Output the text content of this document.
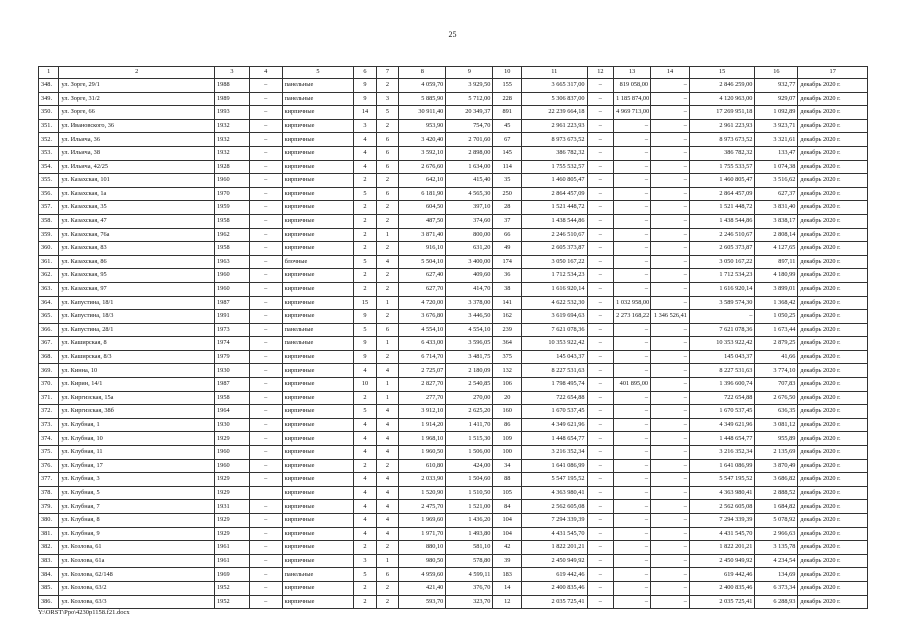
25
1	2	3	4	5	6	7	8	9	10	11	12	13	14	15	16	17
348.	ул. Зорге, 29/1	1988	–	панельные	9	2	4 059,70	3 929,50	155	3 665 317,00	–	819 058,00	–	2 846 259,00	932,77	декабрь 2020 г.
349.	ул. Зорге, 31/2	1989	–	панельные	9	3	5 885,90	5 712,00	228	5 306 837,00	–	1 185 874,00	–	4 120 963,00	929,07	декабрь 2020 г.
350.	ул. Зорге, 66	1993	–	кирпичные	14	5	30 911,40	20 349,37	891	22 239 664,18	–	4 969 713,00	–	17 269 951,18	1 092,89	декабрь 2020 г.
351.	ул. Ивановского, 36	1932	–	кирпичные	3	2	953,90	754,70	45	2 961 223,93	–	–	–	2 961 223,93	3 923,71	декабрь 2020 г.
352.	ул. Ильича, 36	1932	–	кирпичные	4	6	3 420,40	2 701,60	67	8 973 673,52	–	–	–	8 973 673,52	3 321,61	декабрь 2020 г.
353.	ул. Ильича, 38	1932	–	кирпичные	4	6	3 592,10	2 898,00	145	386 782,32	–	–	–	386 782,32	133,47	декабрь 2020 г.
354.	ул. Ильича, 42/25	1928	–	кирпичные	4	6	2 676,60	1 634,00	114	1 755 532,57	–	–	–	1 755 533,57	1 074,38	декабрь 2020 г.
355.	ул. Казахская, 101	1960	–	кирпичные	2	2	642,10	415,40	35	1 460 805,47	–	–	–	1 460 805,47	3 516,62	декабрь 2020 г.
356.	ул. Казахская, 1а	1970	–	кирпичные	5	6	6 181,90	4 565,30	250	2 864 457,09	–	–	–	2 864 457,09	627,37	декабрь 2020 г.
357.	ул. Казахская, 35	1959	–	кирпичные	2	2	604,50	397,10	28	1 521 448,72	–	–	–	1 521 448,72	3 831,40	декабрь 2020 г.
358.	ул. Казахская, 47	1958	–	кирпичные	2	2	487,50	374,60	37	1 438 544,86	–	–	–	1 438 544,86	3 838,17	декабрь 2020 г.
359.	ул. Казахская, 76а	1962	–	кирпичные	2	1	3 871,40	800,00	66	2 246 510,67	–	–	–	2 246 510,67	2 808,14	декабрь 2020 г.
360.	ул. Казахская, 83	1958	–	кирпичные	2	2	916,10	631,20	49	2 605 373,87	–	–	–	2 605 373,87	4 127,65	декабрь 2020 г.
361.	ул. Казахская, 86	1963	–	блочные	5	4	5 504,10	3 400,00	174	3 050 167,22	–	–	–	3 050 167,22	897,11	декабрь 2020 г.
362.	ул. Казахская, 95	1960	–	кирпичные	2	2	627,40	409,60	36	1 712 534,23	–	–	–	1 712 534,23	4 180,99	декабрь 2020 г.
363.	ул. Казахская, 97	1960	–	кирпичные	2	2	627,70	414,70	38	1 616 920,14	–	–	–	1 616 920,14	3 899,01	декабрь 2020 г.
364.	ул. Капустина, 18/1	1987	–	кирпичные	15	1	4 720,00	3 378,00	141	4 622 532,30	–	1 032 958,00	–	3 589 574,30	1 368,42	декабрь 2020 г.
365.	ул. Капустина, 18/3	1991	–	кирпичные	9	2	3 676,80	3 446,50	162	3 619 694,63	–	2 273 168,22	1 346 526,41	–	1 050,25	декабрь 2020 г.
366.	ул. Капустина, 28/1	1973	–	панельные	5	6	4 554,10	4 554,10	239	7 621 078,36	–	–	–	7 621 078,36	1 673,44	декабрь 2020 г.
367.	ул. Каширская, 8	1974	–	панельные	9	1	6 433,00	3 596,05	364	10 353 922,42	–	–	–	10 353 922,42	2 879,25	декабрь 2020 г.
368.	ул. Каширская, 8/3	1979	–	кирпичные	9	2	6 714,70	3 481,75	375	145 043,37	–	–	–	145 043,37	41,66	декабрь 2020 г.
369.	ул. Кинна, 10	1930	–	кирпичные	4	4	2 725,07	2 180,09	132	8 227 531,63	–	–	–	8 227 531,63	3 774,10	декабрь 2020 г.
370.	ул. Кирин, 14/1	1987	–	кирпичные	10	1	2 827,70	2 540,85	106	1 798 495,74	–	401 895,00	–	1 396 600,74	707,83	декабрь 2020 г.
371.	ул. Киргизская, 15а	1958	–	кирпичные	2	1	277,70	270,00	20	722 654,88	–	–	–	722 654,88	2 676,50	декабрь 2020 г.
372.	ул. Киргизская, 38б	1964	–	кирпичные	5	4	3 912,10	2 625,20	160	1 670 537,45	–	–	–	1 670 537,45	636,35	декабрь 2020 г.
373.	ул. Клубная, 1	1930	–	кирпичные	4	4	1 914,20	1 411,70	86	4 349 621,96	–	–	–	4 349 621,96	3 081,12	декабрь 2020 г.
374.	ул. Клубная, 10	1929	–	кирпичные	4	4	1 968,10	1 515,30	109	1 448 654,77	–	–	–	1 448 654,77	955,89	декабрь 2020 г.
375.	ул. Клубная, 11	1960	–	кирпичные	4	4	1 960,50	1 506,00	100	3 216 352,34	–	–	–	3 216 352,34	2 135,69	декабрь 2020 г.
376.	ул. Клубная, 17	1960	–	кирпичные	2	2	610,80	424,00	34	1 641 086,99	–	–	–	1 641 086,99	3 870,49	декабрь 2020 г.
377.	ул. Клубная, 3	1929	–	кирпичные	4	4	2 033,90	1 504,60	88	5 547 195,52	–	–	–	5 547 195,52	3 686,82	декабрь 2020 г.
378.	ул. Клубная, 5	1929		кирпичные	4	4	1 520,90	1 510,50	105	4 363 980,41	–	–	–	4 363 980,41	2 888,52	декабрь 2020 г.
379.	ул. Клубная, 7	1931	–	кирпичные	4	4	2 475,70	1 521,00	84	2 562 605,08	–	–	–	2 562 605,08	1 684,82	декабрь 2020 г.
380.	ул. Клубная, 8	1929	–	кирпичные	4	4	1 969,60	1 436,20	104	7 294 339,39	–	–	–	7 294 339,39	5 078,92	декабрь 2020 г.
381.	ул. Клубная, 9	1929	–	кирпичные	4	4	1 971,70	1 493,80	104	4 431 545,70	–	–	–	4 431 545,70	2 966,63	декабрь 2020 г.
382.	ул. Козлова, 61	1961	–	кирпичные	2	2	880,10	581,10	42	1 822 201,21	–	–	–	1 822 201,21	3 135,78	декабрь 2020 г.
383.	ул. Козлова, 61а	1961	–	кирпичные	3	1	980,50	578,80	39	2 450 949,92	–	–	–	2 450 949,92	4 234,54	декабрь 2020 г.
384.	ул. Козлова, 62/148	1969	–	панельные	5	6	4 959,60	4 599,11	183	619 442,46	–	–	–	619 442,46	134,69	декабрь 2020 г.
385.	ул. Козлова, 63/2	1952	–	кирпичные	2	2	421,40	376,70	14	2 400 835,46	–	–	–	2 400 835,46	6 373,34	декабрь 2020 г.
386.	ул. Козлова, 63/3	1952	–	кирпичные	2	2	593,70	323,70	12	2 035 725,41	–	–	–	2 035 725,41	6 288,93	декабрь 2020 г.
Y:\ORST\Ppo\4230p1158.f21.docx
